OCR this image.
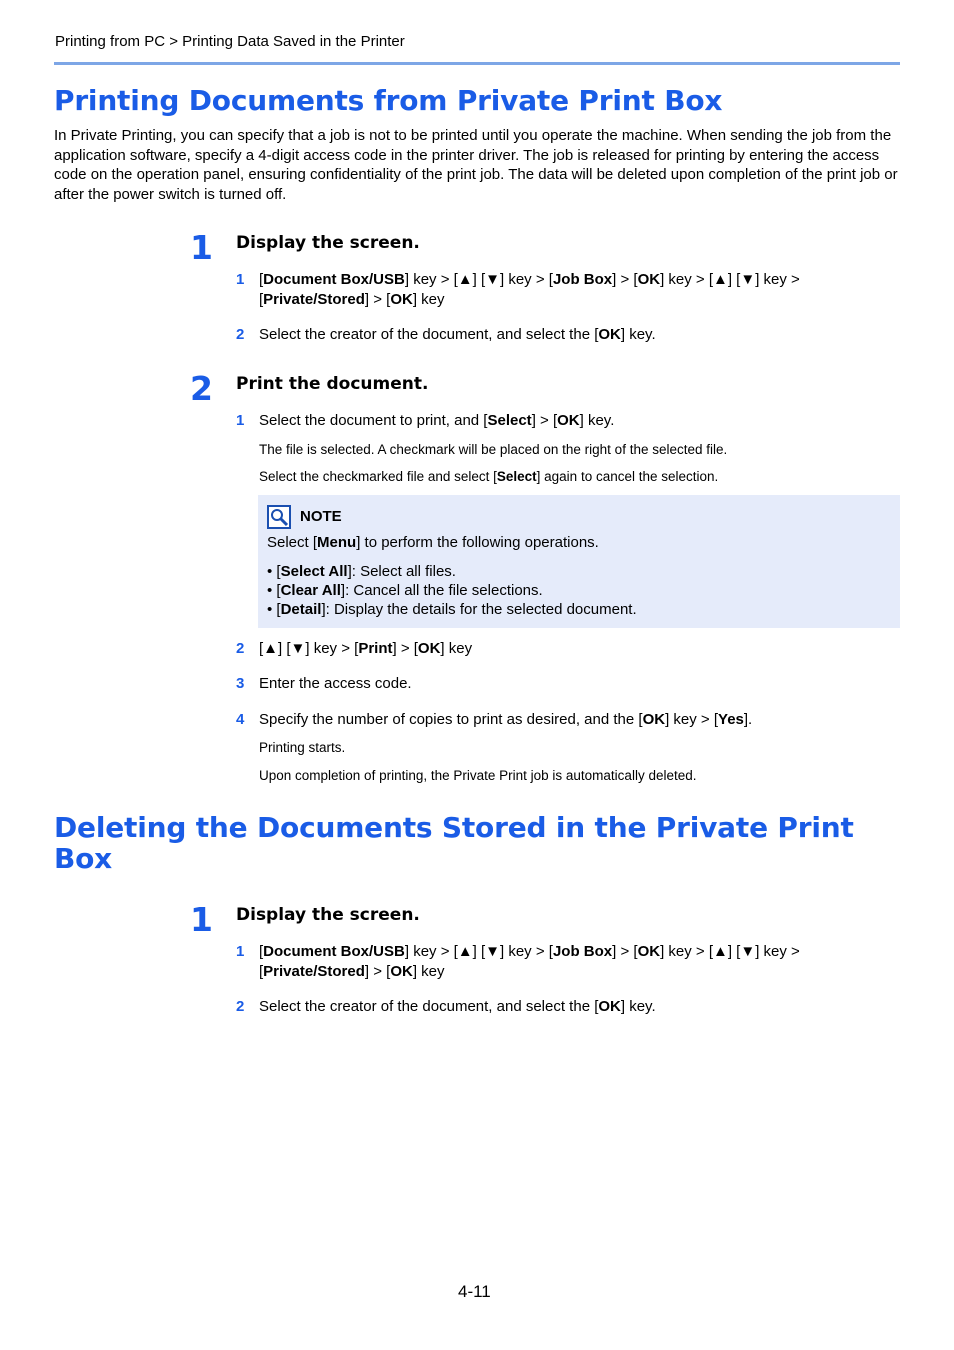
Printing from PC > Printing Data Saved in the Printer
Printing Documents from Private Print Box
In Private Printing, you can specify that a job is not to be printed until you operate the machine. When sending the job from the application software, specify a 4-digit access code in the printer driver. The job is released for printing by entering the access code on the operation panel, ensuring confidentiality of the print job. The data will be deleted upon completion of the print job or after the power switch is turned off.
1 Display the screen.
1 [Document Box/USB] key > [▲] [▼] key > [Job Box] > [OK] key > [▲] [▼] key >
[Private/Stored] > [OK] key
2 Select the creator of the document, and select the [OK] key.
2 Print the document.
1 Select the document to print, and [Select] > [OK] key.
The file is selected. A checkmark will be placed on the right of the selected file.
Select the checkmarked file and select [Select] again to cancel the selection.
NOTE
Select [Menu] to perform the following operations.
• [Select All]: Select all files.
• [Clear All]: Cancel all the file selections.
• [Detail]: Display the details for the selected document.
2 [▲] [▼] key > [Print] > [OK] key
3 Enter the access code.
4 Specify the number of copies to print as desired, and the [OK] key > [Yes].
Printing starts.
Upon completion of printing, the Private Print job is automatically deleted.
Deleting the Documents Stored in the Private Print
Box
1 Display the screen.
1 [Document Box/USB] key > [▲] [▼] key > [Job Box] > [OK] key > [▲] [▼] key >
[Private/Stored] > [OK] key
2 Select the creator of the document, and select the [OK] key.
4-11
